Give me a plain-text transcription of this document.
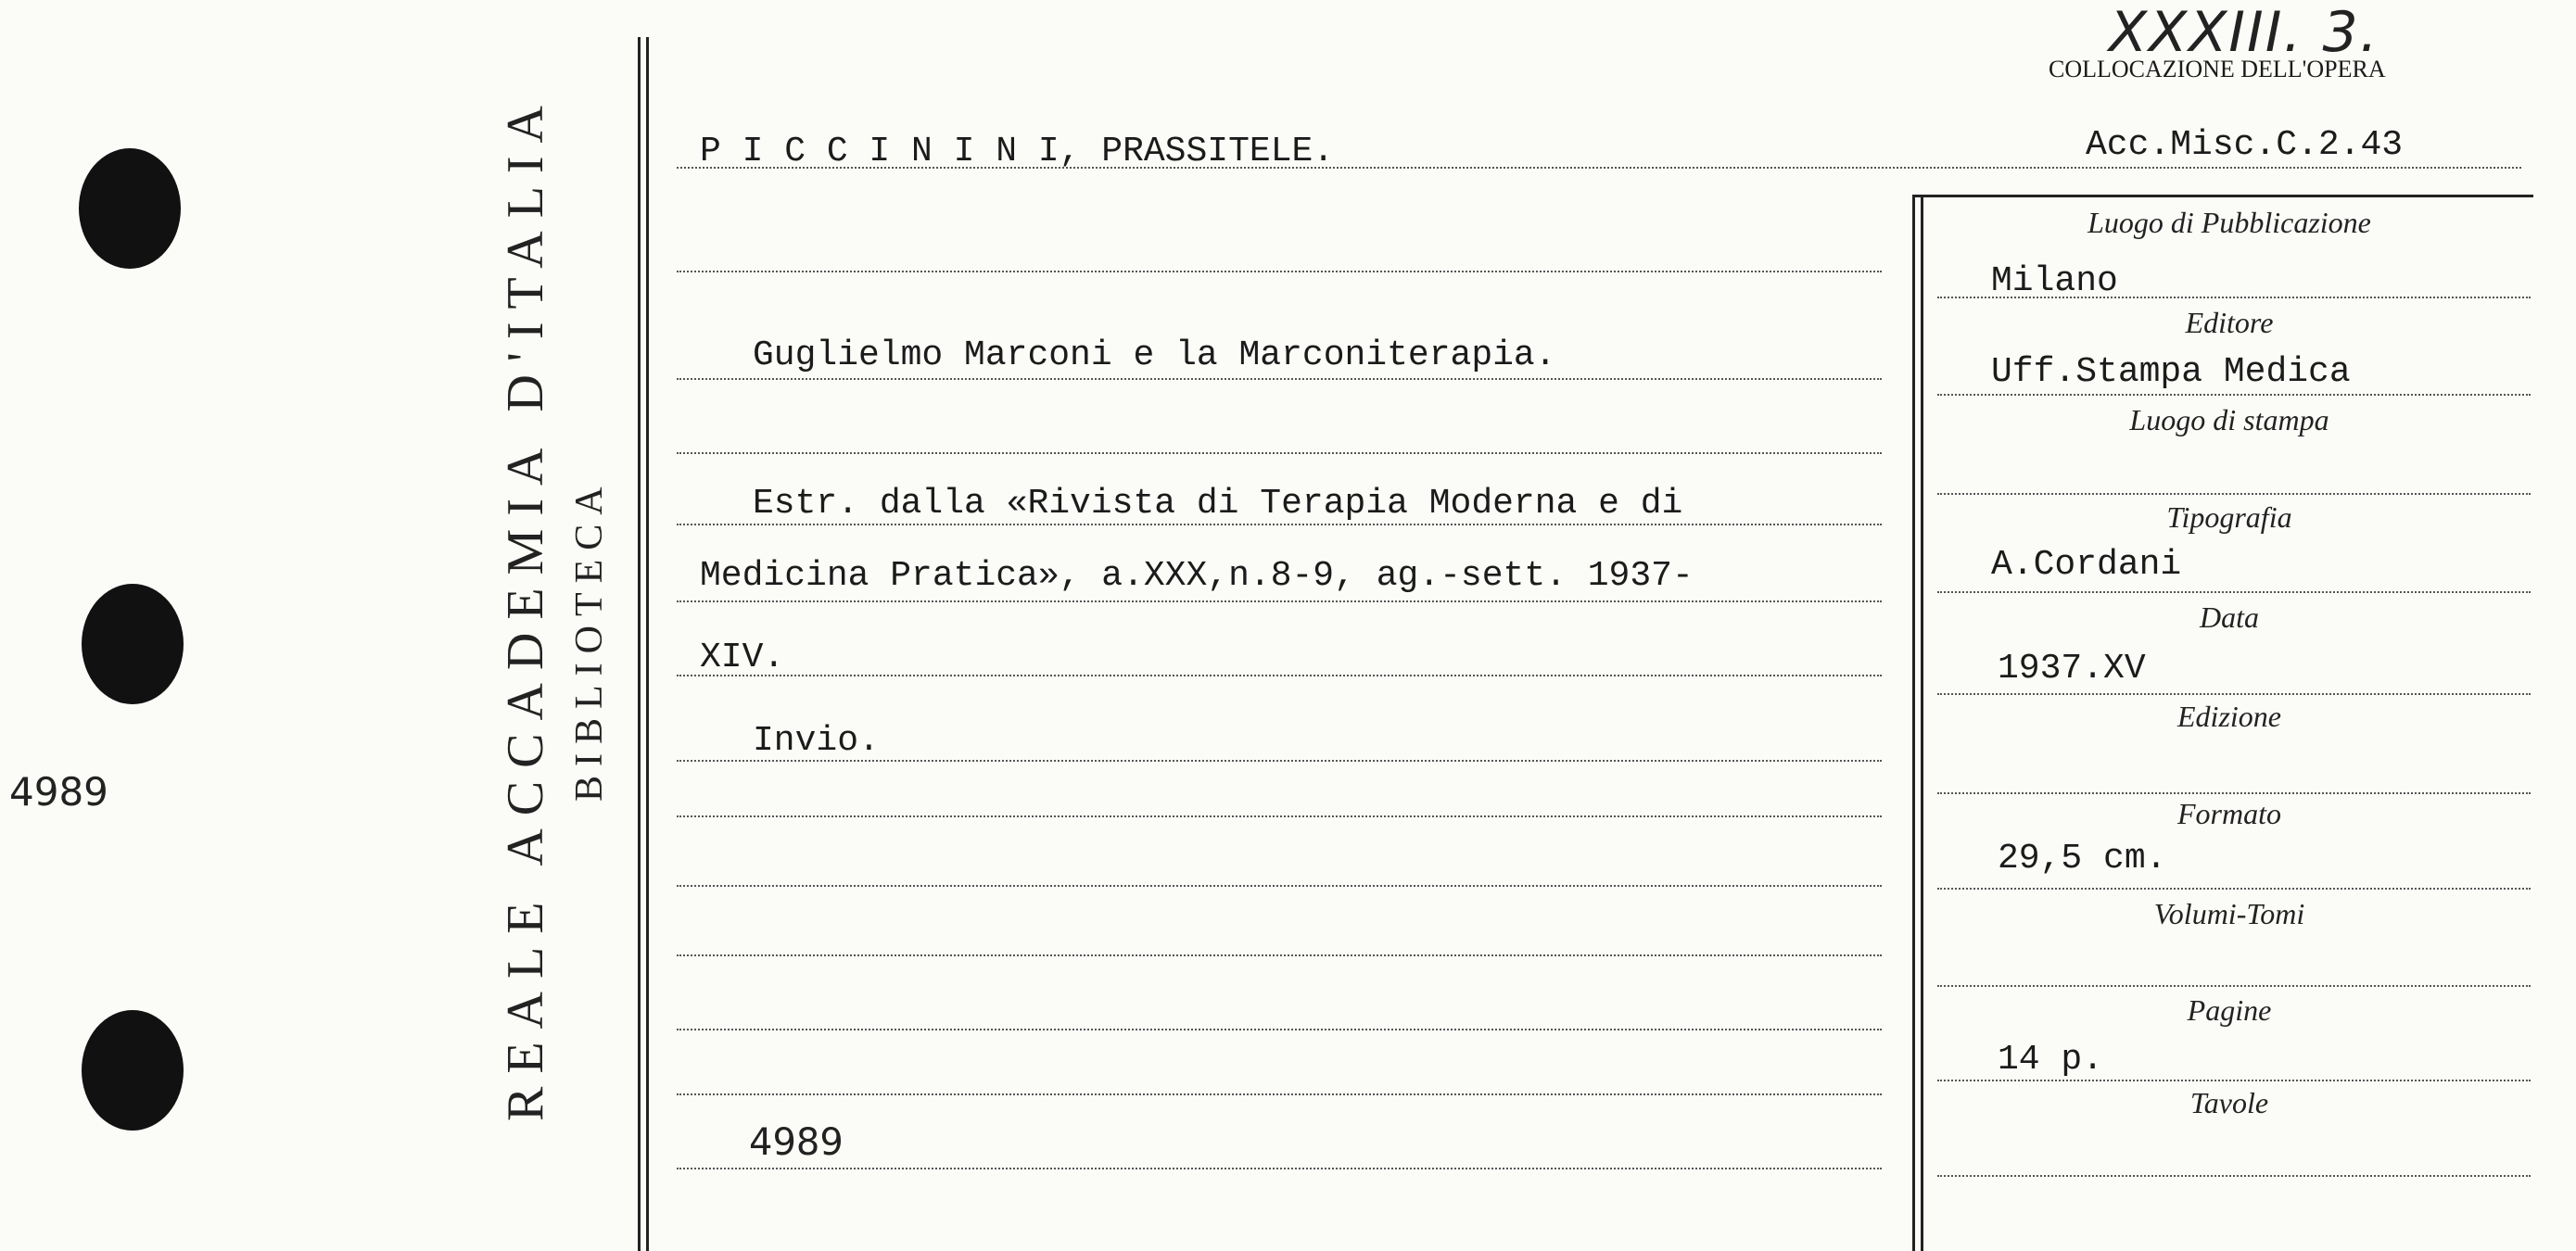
4989	REALE ACCADEMIA D'ITALIA BIBLIOTECA
XXXIII. 3.
COLLOCAZIONE DELL'OPERA
P I C C I N I N I, PRASSITELE.	Acc.Misc.C.2.43
Guglielmo Marconi e la Marconiterapia.
Estr. dalla «Rivista di Terapia Moderna e di
Medicina Pratica», a.XXX,n.8-9, ag.-sett. 1937-
XIV.
Invio.
4989
Luogo di Pubblicazione
Milano
Editore
Uff.Stampa Medica
Luogo di stampa
Tipografia
A.Cordani
Data
1937.XV
Edizione
Formato
29,5 cm.
Volumi-Tomi
Pagine
14 p.
Tavole
